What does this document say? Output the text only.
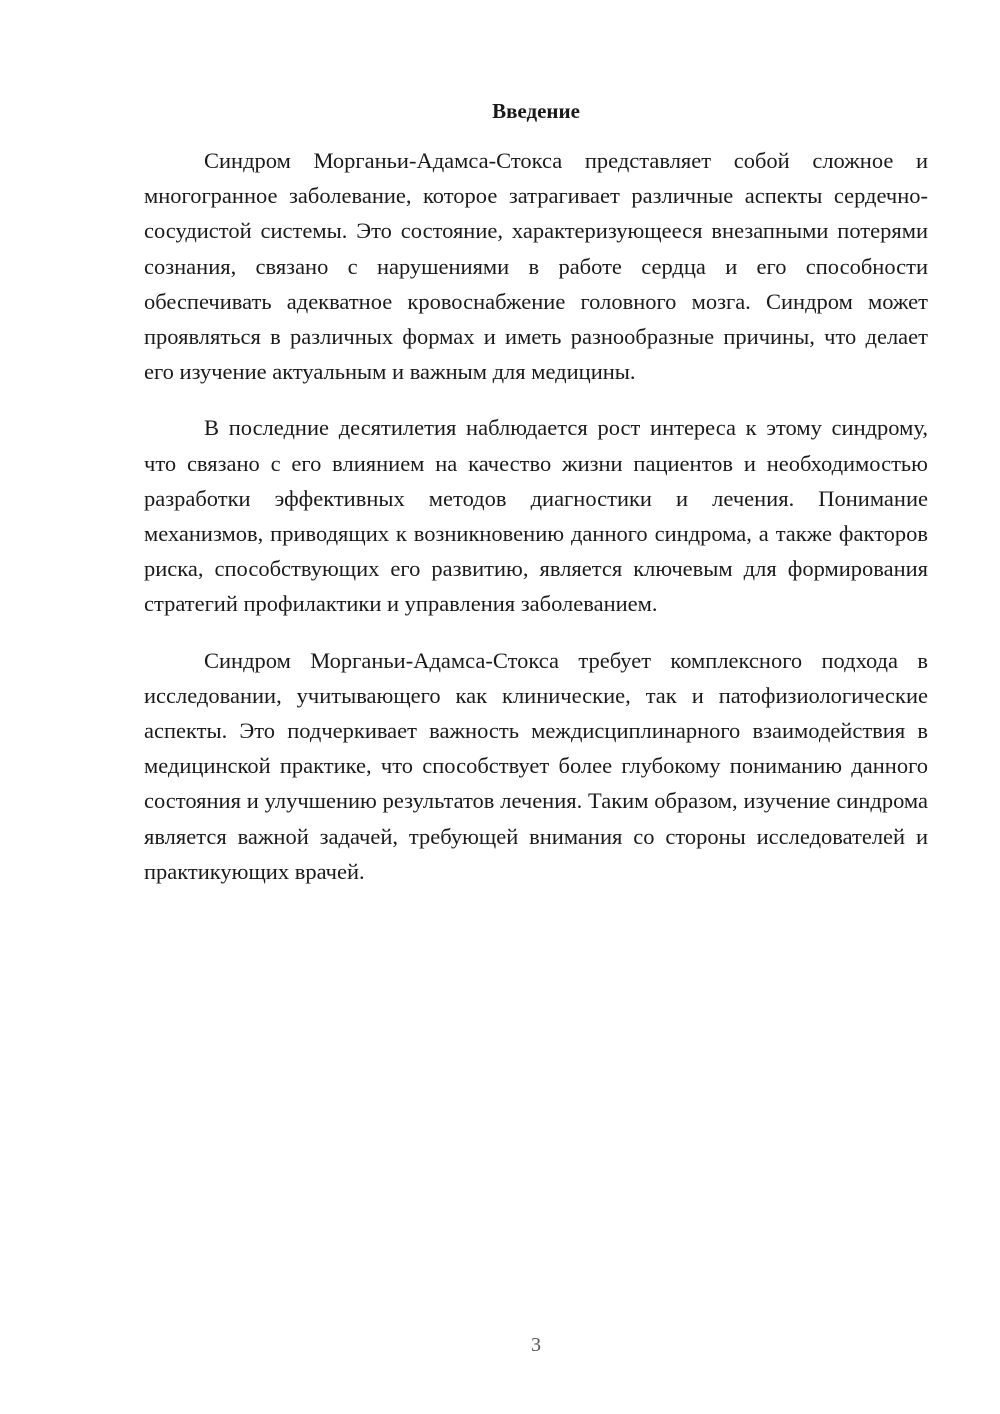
Введение

Синдром Морганьи-Адамса-Стокса представляет собой сложное и многогранное заболевание, которое затрагивает различные аспекты сердечно-сосудистой системы. Это состояние, характеризующееся внезапными потерями сознания, связано с нарушениями в работе сердца и его способности обеспечивать адекватное кровоснабжение головного мозга. Синдром может проявляться в различных формах и иметь разнообразные причины, что делает его изучение актуальным и важным для медицины.

В последние десятилетия наблюдается рост интереса к этому синдрому, что связано с его влиянием на качество жизни пациентов и необходимостью разработки эффективных методов диагностики и лечения. Понимание механизмов, приводящих к возникновению данного синдрома, а также факторов риска, способствующих его развитию, является ключевым для формирования стратегий профилактики и управления заболеванием.

Синдром Морганьи-Адамса-Стокса требует комплексного подхода в исследовании, учитывающего как клинические, так и патофизиологические аспекты. Это подчеркивает важность междисциплинарного взаимодействия в медицинской практике, что способствует более глубокому пониманию данного состояния и улучшению результатов лечения. Таким образом, изучение синдрома является важной задачей, требующей внимания со стороны исследователей и практикующих врачей.

3
